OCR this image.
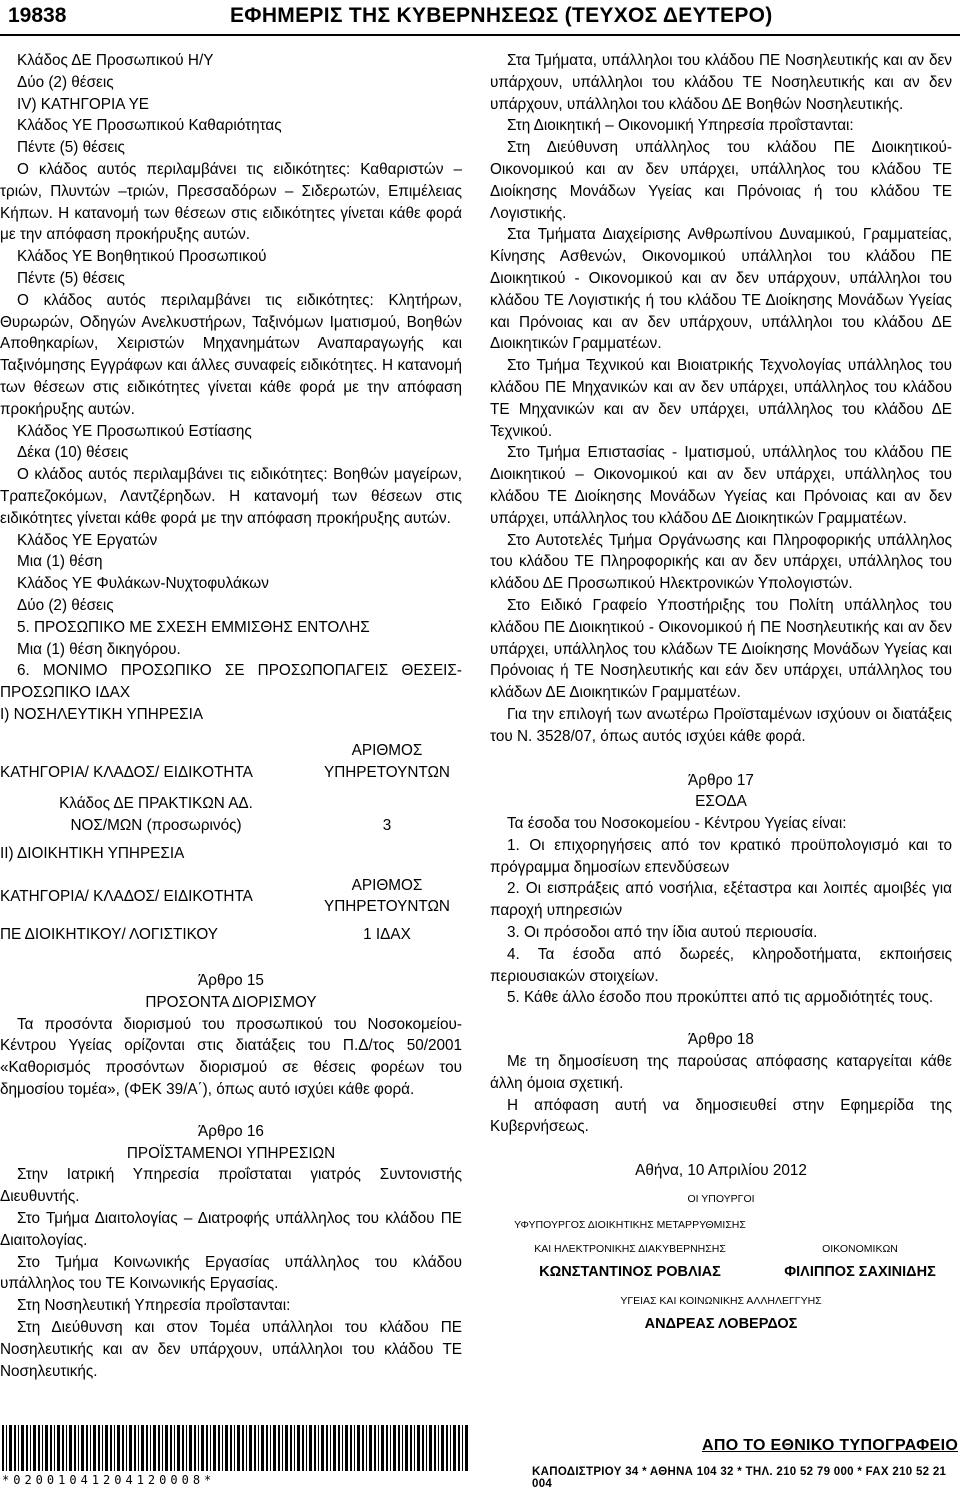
19838	ΕΦΗΜΕΡΙΣ ΤΗΣ ΚΥΒΕΡΝΗΣΕΩΣ (ΤΕΥΧΟΣ ΔΕΥΤΕΡΟ)

Κλάδος ΔΕ Προσωπικού Η/Υ

Δύο (2) θέσεις

IV) ΚΑΤΗΓΟΡΙΑ ΥΕ

Κλάδος ΥΕ Προσωπικού Καθαριότητας

Πέντε (5) θέσεις

Ο κλάδος αυτός περιλαμβάνει τις ειδικότητες: Καθαριστών –τριών, Πλυντών –τριών, Πρεσσαδόρων – Σιδερωτών, Επιμέλειας Κήπων. Η κατανομή των θέσεων στις ειδικότητες γίνεται κάθε φορά με την απόφαση προκήρυξης αυτών.

Κλάδος ΥΕ Βοηθητικού Προσωπικού

Πέντε (5) θέσεις

Ο κλάδος αυτός περιλαμβάνει τις ειδικότητες: Κλητήρων, Θυρωρών, Οδηγών Ανελκυστήρων, Ταξινόμων Ιματισμού, Βοηθών Αποθηκαρίων, Χειριστών Μηχανημάτων Αναπαραγωγής και Ταξινόμησης Εγγράφων και άλλες συναφείς ειδικότητες. Η κατανομή των θέσεων στις ειδικότητες γίνεται κάθε φορά με την απόφαση προκήρυξης αυτών.

Κλάδος ΥΕ Προσωπικού Εστίασης

Δέκα (10) θέσεις

Ο κλάδος αυτός περιλαμβάνει τις ειδικότητες: Βοηθών μαγείρων, Τραπεζοκόμων, Λαντζέρηδων. Η κατανομή των θέσεων στις ειδικότητες γίνεται κάθε φορά με την απόφαση προκήρυξης αυτών.

Κλάδος ΥΕ Εργατών

Μια (1) θέση

Κλάδος ΥΕ Φυλάκων-Νυχτοφυλάκων

Δύο (2) θέσεις

5. ΠΡΟΣΩΠΙΚΟ ΜΕ ΣΧΕΣΗ ΕΜΜΙΣΘΗΣ ΕΝΤΟΛΗΣ

Μια (1) θέση δικηγόρου.

6. ΜΟΝΙΜΟ ΠΡΟΣΩΠΙΚΟ ΣΕ ΠΡΟΣΩΠΟΠΑΓΕΙΣ ΘΕΣΕΙΣΠΡΟΣΩΠΙΚΟ ΙΔΑΧ

Ι) ΝΟΣΗΛΕΥΤΙΚΗ ΥΠΗΡΕΣΙΑ

ΚΑΤΗΓΟΡΙΑ/ ΚΛΑΔΟΣ/ ΕΙΔΙΚΟΤΗΤΑ	ΑΡΙΘΜΟΣ
ΥΠΗΡΕΤΟΥΝΤΩΝ

Κλάδος ΔΕ ΠΡΑΚΤΙΚΩΝ ΑΔ.
ΝΟΣ/ΜΩΝ (προσωρινός)	3

ΙΙ) ΔΙΟΙΚΗΤΙΚΗ ΥΠΗΡΕΣΙΑ

ΚΑΤΗΓΟΡΙΑ/ ΚΛΑΔΟΣ/ ΕΙΔΙΚΟΤΗΤΑ	ΑΡΙΘΜΟΣ
ΥΠΗΡΕΤΟΥΝΤΩΝ

ΠΕ ΔΙΟΙΚΗΤΙΚΟΥ/ ΛΟΓΙΣΤΙΚΟΥ	1 ΙΔΑΧ

Άρθρο 15

ΠΡΟΣΟΝΤΑ ΔΙΟΡΙΣΜΟΥ

Τα προσόντα διορισμού του προσωπικού του Νοσοκομείου- Κέντρου Υγείας ορίζονται στις διατάξεις του Π.Δ/τος 50/2001 «Καθορισμός προσόντων διορισμού σε θέσεις φορέων του δημοσίου τομέα», (ΦΕΚ 39/Α΄), όπως αυτό ισχύει κάθε φορά.

Άρθρο 16

ΠΡΟΪΣΤΑΜΕΝΟΙ ΥΠΗΡΕΣΙΩΝ

Στην Ιατρική Υπηρεσία προΐσταται γιατρός Συντονιστής Διευθυντής.

Στο Τμήμα Διαιτολογίας – Διατροφής υπάλληλος του κλάδου ΠΕ Διαιτολογίας.

Στο Τμήμα Κοινωνικής Εργασίας υπάλληλος του κλάδου υπάλληλος του ΤΕ Κοινωνικής Εργασίας.

Στη Νοσηλευτική Υπηρεσία προΐστανται:

Στη Διεύθυνση και στον Τομέα υπάλληλοι του κλάδου ΠΕ Νοσηλευτικής και αν δεν υπάρχουν, υπάλληλοι του κλάδου ΤΕ Νοσηλευτικής.

Στα Τμήματα, υπάλληλοι του κλάδου ΠΕ Νοσηλευτικής και αν δεν υπάρχουν, υπάλληλοι του κλάδου ΤΕ Νοσηλευτικής και αν δεν υπάρχουν, υπάλληλοι του κλάδου ΔΕ Βοηθών Νοσηλευτικής.

Στη Διοικητική – Οικονομική Υπηρεσία προΐστανται:

Στη Διεύθυνση υπάλληλος του κλάδου ΠΕ Διοικητικού-Οικονομικού και αν δεν υπάρχει, υπάλληλος του κλάδου ΤΕ Διοίκησης Μονάδων Υγείας και Πρόνοιας ή του κλάδου ΤΕ Λογιστικής.

Στα Τμήματα Διαχείρισης Ανθρωπίνου Δυναμικού, Γραμματείας, Κίνησης Ασθενών, Οικονομικού υπάλληλοι του κλάδου ΠΕ Διοικητικού - Οικονομικού και αν δεν υπάρχουν, υπάλληλοι του κλάδου ΤΕ Λογιστικής ή του κλάδου ΤΕ Διοίκησης Μονάδων Υγείας και Πρόνοιας και αν δεν υπάρχουν, υπάλληλοι του κλάδου ΔΕ Διοικητικών Γραμματέων.

Στο Τμήμα Τεχνικού και Βιοιατρικής Τεχνολογίας υπάλληλος του κλάδου ΠΕ Μηχανικών και αν δεν υπάρχει, υπάλληλος του κλάδου ΤΕ Μηχανικών και αν δεν υπάρχει, υπάλληλος του κλάδου ΔΕ Τεχνικού.

Στο Τμήμα Επιστασίας - Ιματισμού, υπάλληλος του κλάδου ΠΕ Διοικητικού – Οικονομικού και αν δεν υπάρχει, υπάλληλος του κλάδου ΤΕ Διοίκησης Μονάδων Υγείας και Πρόνοιας και αν δεν υπάρχει, υπάλληλος του κλάδου ΔΕ Διοικητικών Γραμματέων.

Στο Αυτοτελές Τμήμα Οργάνωσης και Πληροφορικής υπάλληλος του κλάδου ΤΕ Πληροφορικής και αν δεν υπάρχει, υπάλληλος του κλάδου ΔΕ Προσωπικού Ηλεκτρονικών Υπολογιστών.

Στο Ειδικό Γραφείο Υποστήριξης του Πολίτη υπάλληλος του κλάδου ΠΕ Διοικητικού - Οικονομικού ή ΠΕ Νοσηλευτικής και αν δεν υπάρχει, υπάλληλος του κλάδων ΤΕ Διοίκησης Μονάδων Υγείας και Πρόνοιας ή ΤΕ Νοσηλευτικής και εάν δεν υπάρχει, υπάλληλος του κλάδων ΔΕ Διοικητικών Γραμματέων.

Για την επιλογή των ανωτέρω Προϊσταμένων ισχύουν οι διατάξεις του Ν. 3528/07, όπως αυτός ισχύει κάθε φορά.

Άρθρο 17

ΕΣΟΔΑ

Τα έσοδα του Νοσοκομείου - Κέντρου Υγείας είναι:

1. Οι επιχορηγήσεις από τον κρατικό προϋπολογισμό και το πρόγραμμα δημοσίων επενδύσεων

2. Οι εισπράξεις από νοσήλια, εξέταστρα και λοιπές αμοιβές για παροχή υπηρεσιών

3. Οι πρόσοδοι από την ίδια αυτού περιουσία.

4. Τα έσοδα από δωρεές, κληροδοτήματα, εκποιήσεις περιουσιακών στοιχείων.

5. Κάθε άλλο έσοδο που προκύπτει από τις αρμοδιότητές τους.

Άρθρο 18

Με τη δημοσίευση της παρούσας απόφασης καταργείται κάθε άλλη όμοια σχετική.

Η απόφαση αυτή να δημοσιευθεί στην Εφημερίδα της Κυβερνήσεως.

Αθήνα, 10 Απριλίου 2012

ΟΙ ΥΠΟΥΡΓΟΙ

ΥΦΥΠΟΥΡΓΟΣ ΔΙΟΙΚΗΤΙΚΗΣ ΜΕΤΑΡΡΥΘΜΙΣΗΣ
ΚΑΙ ΗΛΕΚΤΡΟΝΙΚΗΣ ΔΙΑΚΥΒΕΡΝΗΣΗΣ	ΟΙΚΟΝΟΜΙΚΩΝ
ΚΩΝΣΤΑΝΤΙΝΟΣ ΡΟΒΛΙΑΣ	ΦΙΛΙΠΠΟΣ ΣΑΧΙΝΙΔΗΣ

ΥΓΕΙΑΣ ΚΑΙ ΚΟΙΝΩΝΙΚΗΣ ΑΛΛΗΛΕΓΓΥΗΣ

ΑΝΔΡΕΑΣ ΛΟΒΕΡΔΟΣ

*02001041204120008*
ΑΠΟ ΤΟ ΕΘΝΙΚΟ ΤΥΠΟΓΡΑΦΕΙΟ
ΚΑΠΟΔΙΣΤΡΙΟΥ 34 * ΑΘΗΝΑ 104 32 * ΤΗΛ. 210 52 79 000 * FAX 210 52 21 004
